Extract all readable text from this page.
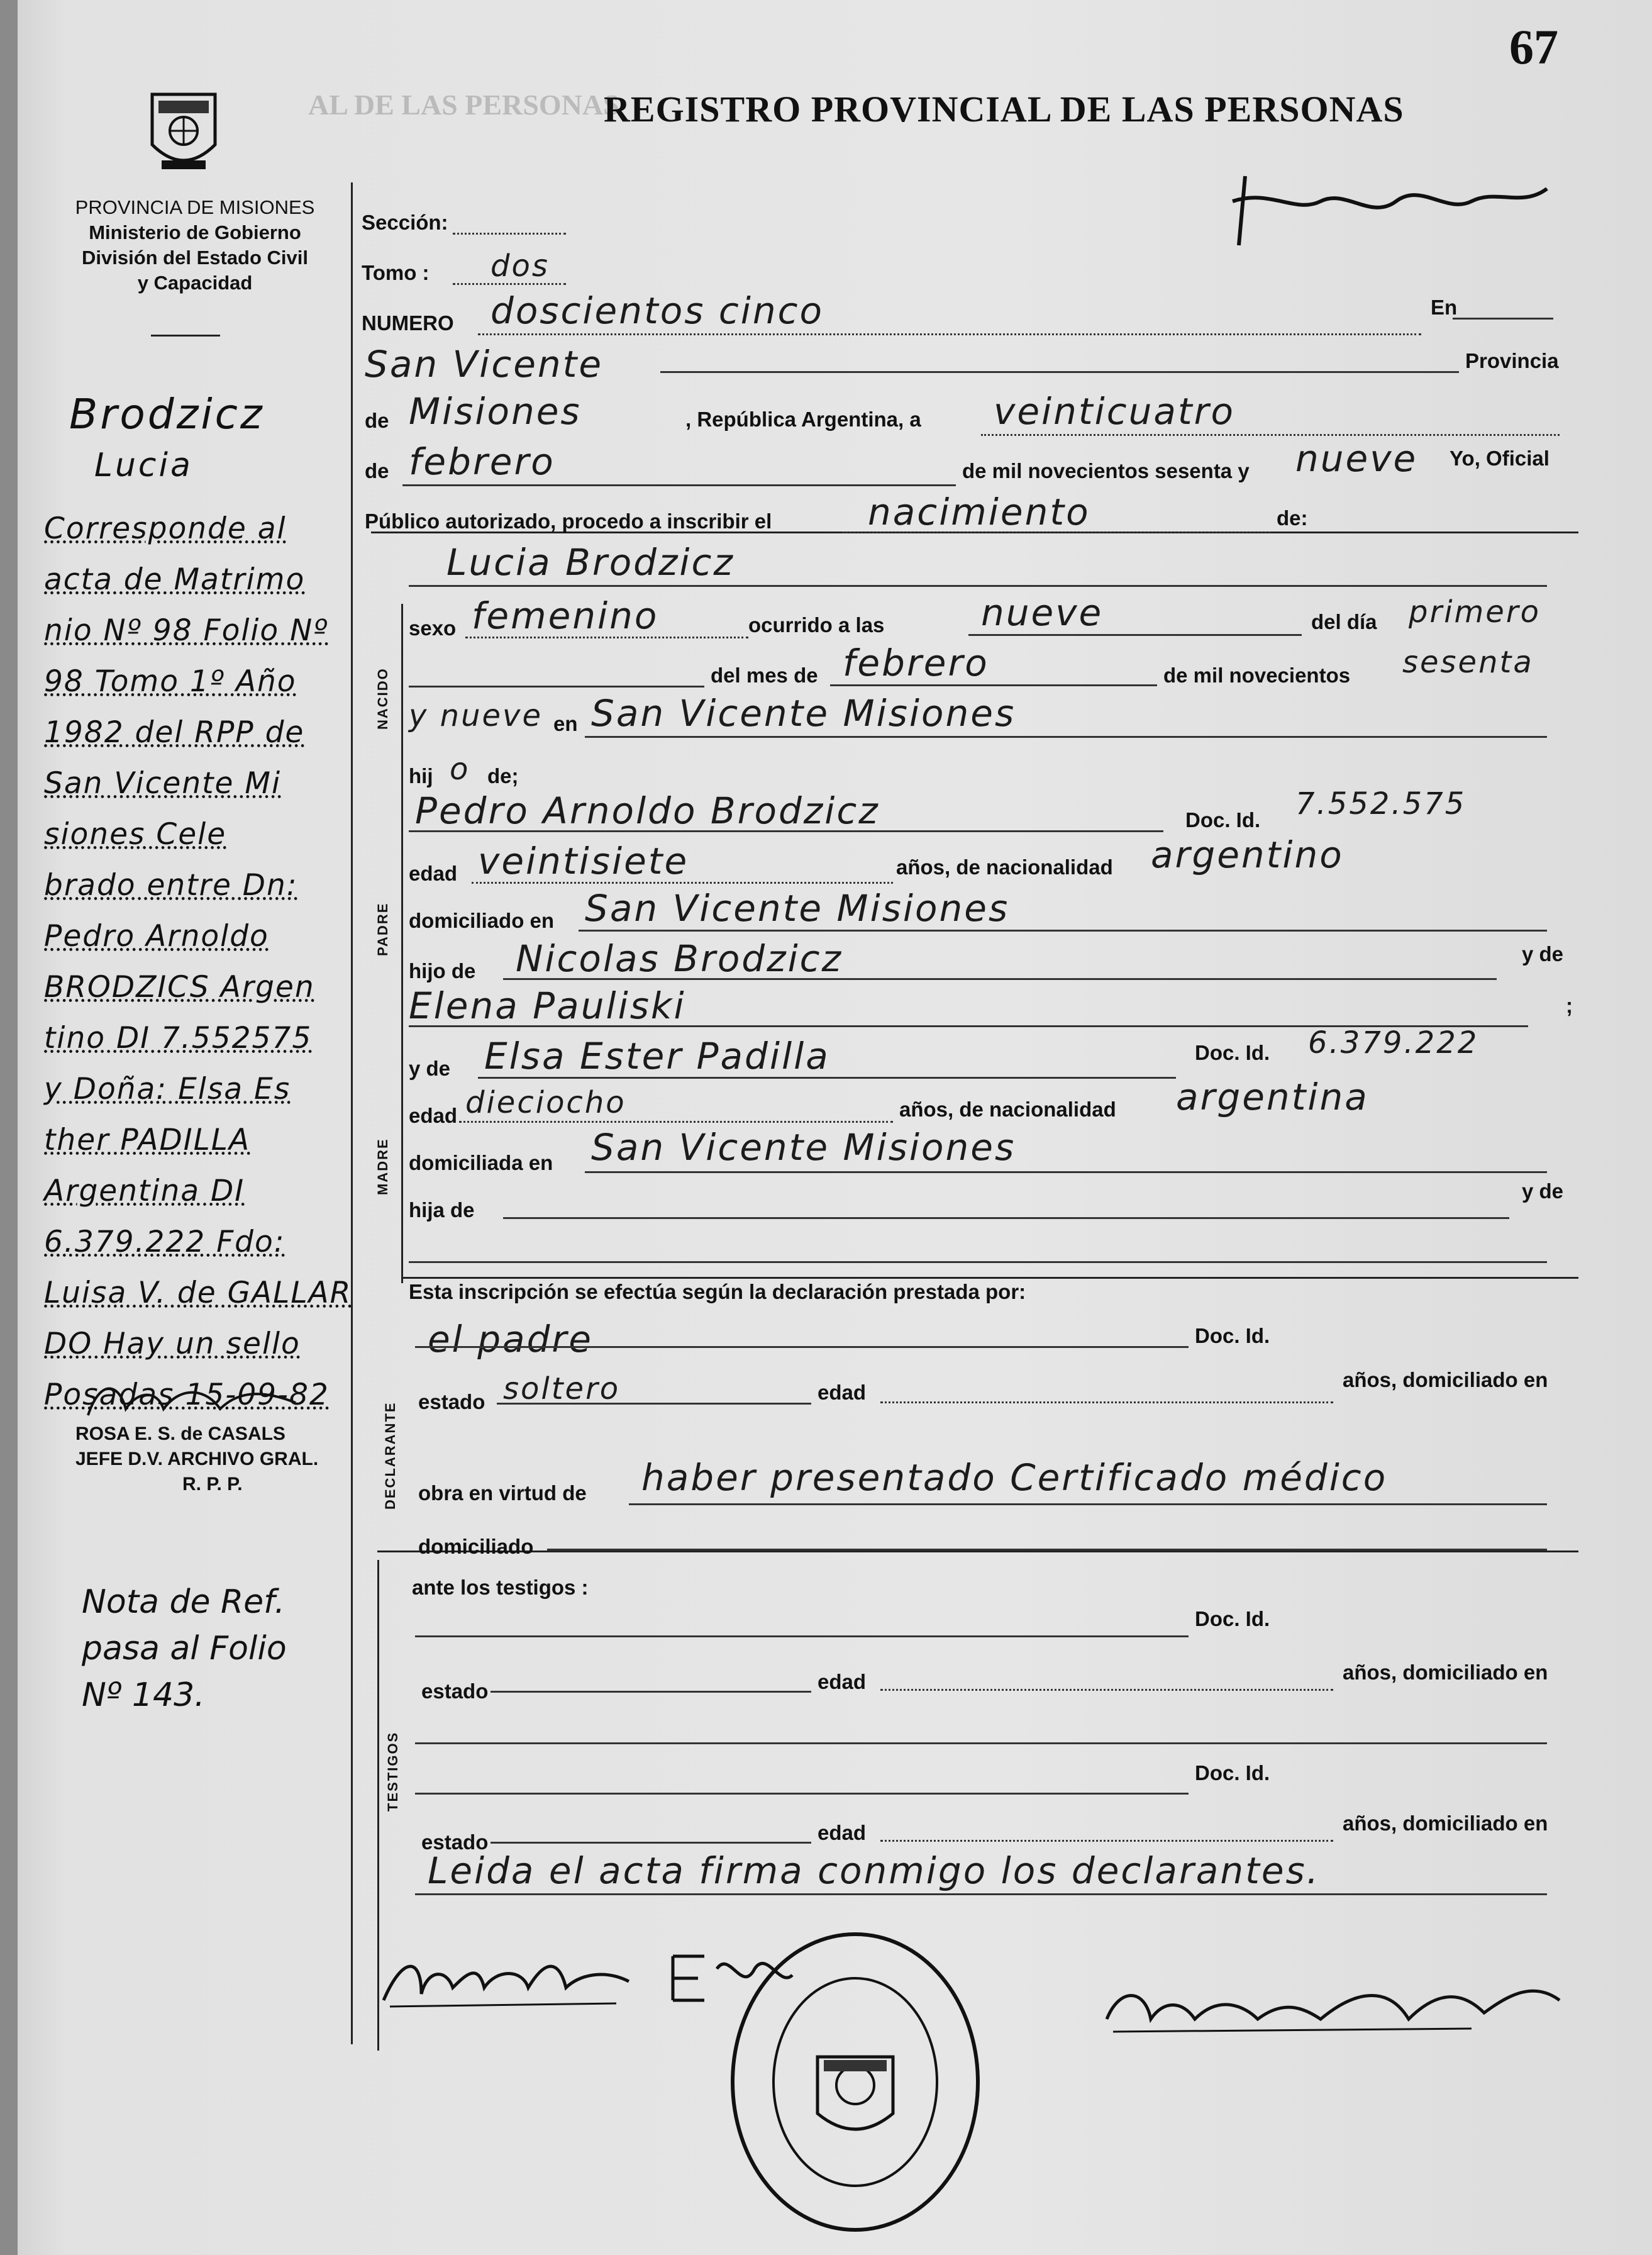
67
AL DE LAS PERSONAS
REGISTRO PROVINCIAL DE LAS PERSONAS
PROVINCIA DE MISIONES
Ministerio de Gobierno
División del Estado Civil
y Capacidad
Sección:
Tomo : dos
NUMERO doscientos cinco	En
San Vicente	Provincia
de Misiones	, República Argentina, a veinticuatro
de febrero	de mil novecientos sesenta y nueve Yo, Oficial
Público autorizado, procedo a inscribir el	nacimiento	de:
NACIDO
Lucia Brodzicz
sexo femenino	ocurrido a las	nueve	del día primero
del mes de febrero	de mil novecientos sesenta
y nueve en San Vicente Misiones
hij o de;
PADRE
Pedro Arnoldo Brodzicz	Doc. Id. 7.552.575
edad veintisiete	años, de nacionalidad argentino
domiciliado en San Vicente Misiones
hijo de Nicolas Brodzicz	y de
Elena Pauliski	;
y de Elsa Ester Padilla	Doc. Id. 6.379.222
MADRE
edad dieciocho	años, de nacionalidad argentina
domiciliada en San Vicente Misiones
hija de
y de
Esta inscripción se efectúa según la declaración prestada por:
DECLARANTE
el padre	Doc. Id.
estado soltero	edad
años, domiciliado en
obra en virtud de haber presentado Certificado médico
domiciliado
ante los testigos :
TESTIGOS
Doc. Id.
estado	edad	años, domiciliado en
Doc. Id.
estado	edad	años, domiciliado en
Leida el acta firma conmigo los declarantes.
Brodzicz
Lucia
Corresponde al
acta de Matrimo
nio Nº 98 Folio Nº
98 Tomo 1º Año
1982 del RPP de
San Vicente Mi
siones Cele
brado entre Dn:
Pedro Arnoldo
BRODZICS Argen
tino DI 7.552575
y Doña: Elsa Es
ther PADILLA
Argentina DI
6.379.222 Fdo:
Luisa V. de GALLAR
DO Hay un sello
Posadas 15-09-82
ROSA E. S. de CASALS
JEFE D.V. ARCHIVO GRAL.
R. P. P.
Nota de Ref.
pasa al Folio
Nº 143.
